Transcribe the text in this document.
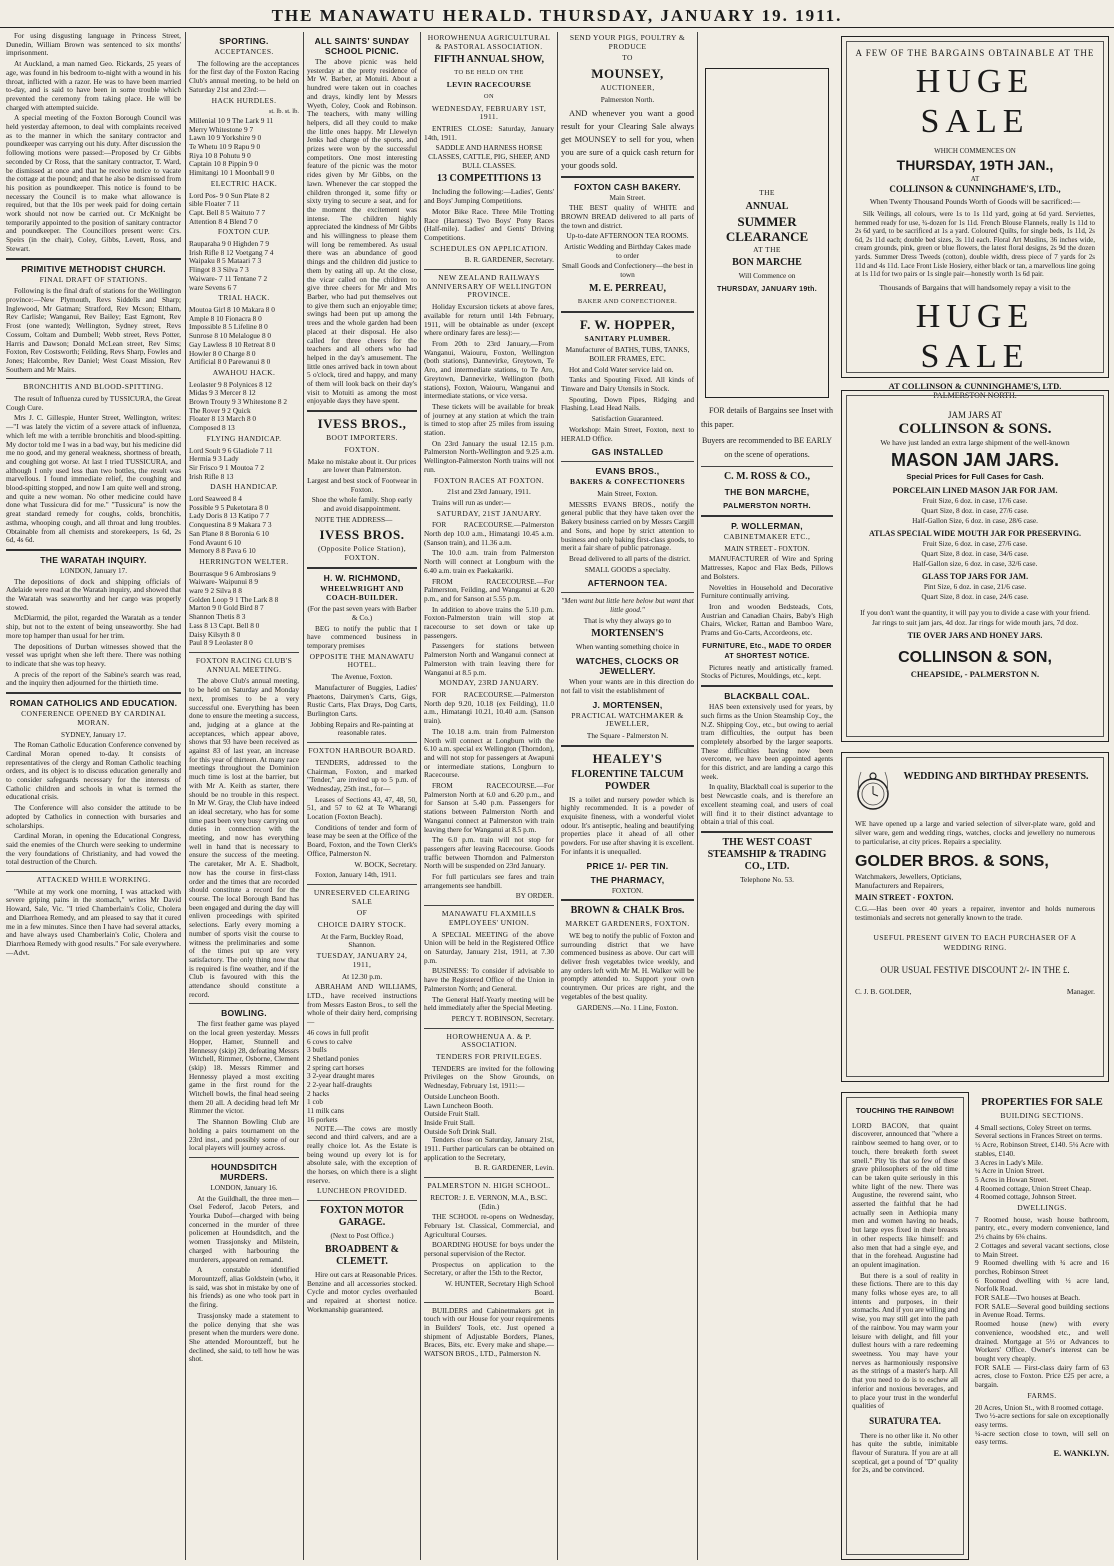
THE MANAWATU HERALD. THURSDAY, JANUARY 19. 1911.

For using disgusting language in Princess Street, Dunedin, William Brown was sentenced to six months' imprisonment.

At Auckland, a man named Geo. Rickards, 25 years of age, was found in his bedroom to-night with a wound in his throat, inflicted with a razor. He was to have been married to-day, and is said to have been in some trouble which prevented the ceremony from taking place. He will be charged with attempted suicide.

A special meeting of the Foxton Borough Council was held yesterday afternoon, to deal with complaints received as to the manner in which the sanitary contractor and poundkeeper was carrying out his duty. After discussion the following motions were passed:—Proposed by Cr Gibbs seconded by Cr Ross, that the sanitary contractor, T. Ward, be dismissed at once and that he receive notice to vacate the cottage at the pound; and that he also be dismissed from his position as poundkeeper. This notice is found to be necessary the Council is to make what allowance is required, but that the 10s per week paid for doing certain work should not now be carried out. Cr McKnight be temporarily appointed to the position of sanitary contractor and poundkeeper. The Councillors present were: Crs. Speirs (in the chair), Coley, Gibbs, Levett, Ross, and Stewart.

PRIMITIVE METHODIST CHURCH.
FINAL DRAFT OF STATIONS.

Following is the final draft of stations for the Wellington province:—New Plymouth, Revs Siddells and Sharp; Inglewood, Mr Gatman; Stratford, Rev Mcson; Eltham, Rev Carlisle; Wanganui, Rev Bailey; East Egmont, Rev Frost (one wanted); Wellington, Sydney street, Revs Cossum, Coltam and Dumbell; Webb street, Revs Potter, Harris and Dawson; Donald McLean street, Rev Sims; Foxton, Rev Costsworth; Feilding, Revs Sharp, Fowles and Jones; Halcombe, Rev Daniel; West Coast Mission, Rev Southern and Mr Mairs.

BRONCHITIS AND BLOOD-SPITTING.

The result of Influenza cured by TUSSICURA, the Great Cough Cure.

Mrs J. C. Gillespie, Hunter Street, Wellington, writes:—"I was lately the victim of a severe attack of influenza, which left me with a terrible bronchitis and blood-spitting. My doctor told me I was in a bad way, but his medicine did me no good, and my general weakness, shortness of breath, and coughing got worse. At last I tried TUSSICURA, and although I only used less than two bottles, the result was marvellous. I found immediate relief, the coughing and blood-spitting stopped, and now I am quite well and strong, and quite a new woman. No other medicine could have done what Tussicura did for me." "Tussicura" is now the great standard remedy for coughs, colds, bronchitis, asthma, whooping cough, and all throat and lung troubles. Obtainable from all chemists and storekeepers, 1s 6d, 2s 6d, 4s 6d.

THE WARATAH INQUIRY.
LONDON, January 17.

The depositions of dock and shipping officials of Adelaide were read at the Waratah inquiry, and showed that the Waratah was seaworthy and her cargo was properly stowed.

McDiarmid, the pilot, regarded the Waratah as a tender ship, but not to the extent of being unseaworthy. She had more top hamper than usual for her trim.

The depositions of Durban witnesses showed that the vessel was upright when she left there. There was nothing to indicate that she was top heavy.

A precis of the report of the Sabine's search was read, and the inquiry then adjourned for the thirtieth time.

ROMAN CATHOLICS AND EDUCATION.
CONFERENCE OPENED BY CARDINAL MORAN.
SYDNEY, January 17.

The Roman Catholic Education Conference convened by Cardinal Moran opened to-day. It consists of representatives of the clergy and Roman Catholic teaching orders, and its object is to discuss education generally and to consider safeguards necessary for the interests of Catholic children and schools in what is termed the educational crisis.

The Conference will also consider the attitude to be adopted by Catholics in connection with bursaries and scholarships.

Cardinal Moran, in opening the Educational Congress, said the enemies of the Church were seeking to undermine the very foundations of Christianity, and had vowed the total destruction of the Church.

ATTACKED WHILE WORKING.

"While at my work one morning, I was attacked with severe griping pains in the stomach," writes Mr David Howard, Sale, Vic. "I tried Chamberlain's Colic, Cholera and Diarrhoea Remedy, and am pleased to say that it cured me in a few minutes. Since then I have had several attacks, and have always used Chamberlain's Colic, Cholera and Diarrhoea Remedy with good results." For sale everywhere.—Advt.

SPORTING.
ACCEPTANCES.

The following are the acceptances for the first day of the Foxton Racing Club's annual meeting, to be held on Saturday 21st and 23rd:—

HACK HURDLES.
st. lb. st. lb.
Millenial 10 9 The Lark 9 11
Merry Whitestone 9 7
Lawn 10 9 Yorkshire 9 0
Te Whetu 10 9 Rapu 9 0
Riya 10 8 Pohutu 9 0
Captain 10 8 Pippin 9 0
Himitangi 10 1 Moonball 9 0
ELECTRIC HACK.
Lord Pos- 9 0 Sun Plate 8 2
sible Floater 7 11
Capt. Bell 8 5 Waituto 7 7
Attention 8 4 Blend 7 0
FOXTON CUP.
Rauparaha 9 0 Highden 7 9
Irish Rifle 8 12 Voetgang 7 4
Waipaku 8 5 Mataari 7 3
Flingot 8 3 Silva 7 3
Waiware- 7 11 Tentane 7 2
ware Sevens 6 7
TRIAL HACK.
Moutoa Girl 8 10 Makara 8 0
Ample 8 10 Fionacra 8 0
Impossible 8 5 Lifeline 8 0
Sunrose 8 10 Melalogue 8 0
Gay Lawless 8 10 Retreat 8 0
Howler 8 0 Charge 8 0
Artificial 8 0 Parewanui 8 0
AWAHOU HACK.
Leolaster 9 8 Polynices 8 12
Midas 9 3 Mercer 8 12
Brown Trouty 9 3 Whitestone 8 2
The Rover 9 2 Quick
Floater 8 13 March 8 0
Composed 8 13
FLYING HANDICAP.
Lord Soult 9 6 Gladiole 7 11
Hermia 9 3 Lady
Sir Frisco 9 1 Moutoa 7 2
Irish Rifle 8 13
DASH HANDICAP.
Lord Seaweed 8 4
Possible 9 5 Puketotara 8 0
Lady Doris 8 13 Katipo 7 7
Conquestina 8 9 Makara 7 3
San Plane 8 8 Boronia 6 10
Fond Avaunt 6 10
Memory 8 8 Pava 6 10
HERRINGTON WELTER.
Bourrasque 9 6 Ambrosians 9
Waiware- Waipunui 8 9
ware 9 2 Silva 8 8
Golden Loop 9 1 The Lark 8 8
Marton 9 0 Gold Bird 8 7
Shannon Thetis 8 3
Lass 8 13 Capt. Bell 8 0
Daisy Kilsyth 8 0
Paul 8 9 Leolaster 8 0
FOXTON RACING CLUB'S ANNUAL MEETING.

The above Club's annual meeting, to be held on Saturday and Monday next, promises to be a very successful one. Everything has been done to ensure the meeting a success, and, judging at a glance at the acceptances, which appear above, shows that 93 have been received as against 83 of last year, an increase for this year of thirteen. At many race meetings throughout the Dominion much time is lost at the barrier, but with Mr A. Keith as starter, there should be no trouble in this respect. In Mr W. Gray, the Club have indeed an ideal secretary, who has for some time past been very busy carrying out duties in connection with the meeting, and now has everything well in hand that is necessary to ensure the success of the meeting. The caretaker, Mr A. E. Shadbolt, now has the course in first-class order and the times that are recorded should constitute a record for the course. The local Borough Band has been engaged and during the day will enliven proceedings with spirited selections. Early every morning a number of sports visit the course to witness the preliminaries and some of the times put up are very satisfactory. The only thing now that is required is fine weather, and if the Club is favoured with this the attendance should constitute a record.

BOWLING.

The first feather game was played on the local green yesterday. Messrs Hopper, Hamer, Stunnell and Hennessy (skip) 28, defeating Messrs Witchell, Rimmer, Osborne, Clement (skip) 18. Messrs Rimmer and Hennessy played a most exciting game in the first round for the Witchell bowls, the final head seeing them 20 all. A deciding head left Mr Rimmer the victor.

The Shannon Bowling Club are holding a pairs tournament on the 23rd inst., and possibly some of our local players will journey across.

HOUNDSDITCH MURDERS.
LONDON, January 16.

At the Guildhall, the three men—Osel Federof, Jacob Peters, and Yourka Dubof—charged with being concerned in the murder of three policemen at Houndsditch, and the women Trassjonsky and Milstein, charged with harbouring the murderers, appeared on remand.

A constable identified Morountzeff, alias Goldstein (who, it is said, was shot in mistake by one of his friends) as one who took part in the firing.

Trassjonsky made a statement to the police denying that she was present when the murders were done. She attended Morountzeff, but he declined, she said, to tell how he was shot.

ALL SAINTS' SUNDAY SCHOOL PICNIC.

The above picnic was held yesterday at the pretty residence of Mr W. Barber, at Motuiti. About a hundred were taken out in coaches and drays, kindly lent by Messrs Wyeth, Coley, Cook and Robinson. The teachers, with many willing helpers, did all they could to make the little ones happy. Mr Llewelyn Jenks had charge of the sports, and prizes were won by the successful competitors. One most interesting feature of the picnic was the motor rides given by Mr Gibbs, on the lawn. Whenever the car stopped the children thronged it, some fifty or sixty trying to secure a seat, and for the moment the excitement was intense. The children highly appreciated the kindness of Mr Gibbs and his willingness to please them will long be remembered. As usual there was an abundance of good things and the children did justice to them by eating all up. At the close, the vicar called on the children to give three cheers for Mr and Mrs Barber, who had put themselves out to give them such an enjoyable time; swings had been put up among the trees and the whole garden had been placed at their disposal. He also called for three cheers for the teachers and all others who had helped in the day's amusement. The little ones arrived back in town about 5 o'clock, tired and happy, and many of them will look back on their day's visit to Motuiti as among the most enjoyable days they have spent.

IVESS BROS.,
BOOT IMPORTERS.
FOXTON.

Make no mistake about it. Our prices are lower than Palmerston.

Largest and best stock of Footwear in Foxton.

Shoe the whole family. Shop early and avoid disappointment.

NOTE THE ADDRESS—

IVESS BROS.
(Opposite Police Station), FOXTON.
H. W. RICHMOND,
WHEELWRIGHT AND COACH-BUILDER.

(For the past seven years with Barber & Co.)

BEG to notify the public that I have commenced business in temporary premises

OPPOSITE THE MANAWATU HOTEL.

The Avenue, Foxton.

Manufacturer of Buggies, Ladies' Phaetons, Dairymen's Carts, Gigs, Rustic Carts, Flax Drays, Dog Carts, Burlington Carts.

Jobbing Repairs and Re-painting at reasonable rates.

FOXTON HARBOUR BOARD.

TENDERS, addressed to the Chairman, Foxton, and marked "Tender," are invited up to 5 p.m. of Wednesday, 25th inst., for—

Leases of Sections 43, 47, 48, 50, 51, and 57 to 62 at Te Wharangi Location (Foxton Beach).

Conditions of tender and form of lease may be seen at the Office of the Board, Foxton, and the Town Clerk's Office, Palmerston N.

W. BOCK, Secretary.

Foxton, January 14th, 1911.

UNRESERVED CLEARING SALE
OF
CHOICE DAIRY STOCK.

At the Farm, Buckley Road, Shannon.

TUESDAY, JANUARY 24, 1911,

At 12.30 p.m.

ABRAHAM AND WILLIAMS, LTD., have received instructions from Messrs Easton Bros., to sell the whole of their dairy herd, comprising—

46 cows in full profit
6 cows to calve
3 bulls
2 Shetland ponies
2 spring cart horses
3 2-year draught mares
2 2-year half-draughts
2 hacks
1 cob
11 milk cans
16 porkets

NOTE.—The cows are mostly second and third calvers, and are a really choice lot. As the Estate is being wound up every lot is for absolute sale, with the exception of the horses, on which there is a slight reserve.

LUNCHEON PROVIDED.
FOXTON MOTOR GARAGE.

(Next to Post Office.)

BROADBENT & CLEMETT.

Hire out cars at Reasonable Prices. Benzine and all accessories stocked. Cycle and motor cycles overhauled and repaired at shortest notice. Workmanship guaranteed.

HOROWHENUA AGRICULTURAL & PASTORAL ASSOCIATION.
FIFTH ANNUAL SHOW,
TO BE HELD ON THE
LEVIN RACECOURSE
ON
WEDNESDAY, FEBRUARY 1ST, 1911.

ENTRIES CLOSE: Saturday, January 14th, 1911.

SADDLE AND HARNESS HORSE CLASSES, CATTLE, PIG, SHEEP, AND BULL CLASSES.

13 COMPETITIONS 13

Including the following:—Ladies', Gents' and Boys' Jumping Competitions.

Motor Bike Race. Three Mile Trotting Race (Harness) Two Boys' Pony Races (Half-mile). Ladies' and Gents' Driving Competitions.

SCHEDULES ON APPLICATION.

B. R. GARDENER, Secretary.

NEW ZEALAND RAILWAYS ANNIVERSARY OF WELLINGTON PROVINCE.

Holiday Excursion tickets at above fares, available for return until 14th February, 1911, will be obtainable as under (except where ordinary fares are less):—

From 20th to 23rd January,—From Wanganui, Waiouru, Foxton, Wellington (both stations), Dannevirke, Greytown, Te Aro, and intermediate stations, to Te Aro, Greytown, Dannevirke, Wellington (both stations), Foxton, Waiouru, Wanganui and intermediate stations, or vice versa.

These tickets will be available for break of journey at any station at which the train is timed to stop after 25 miles from issuing station.

On 23rd January the usual 12.15 p.m. Palmerston North-Wellington and 9.25 a.m. Wellington-Palmerston North trains will not run.

FOXTON RACES AT FOXTON.

21st and 23rd January, 1911.

Trains will run as under:—

SATURDAY, 21ST JANUARY.

FOR RACECOURSE.—Palmerston North dep 10.0 a.m., Himatangi 10.45 a.m. (Sanson train), and 11.36 a.m.

The 10.0 a.m. train from Palmerston North will connect at Longburn with the 6.40 a.m. train ex Paekakariki.

FROM RACECOURSE.—For Palmerston, Feilding, and Wanganui at 6.20 p.m., and for Sanson at 5.55 p.m.

In addition to above trains the 5.10 p.m. Foxton-Palmerston train will stop at racecourse to set down or take up passengers.

Passengers for stations between Palmerston North and Wanganui connect at Palmerston with train leaving there for Wanganui at 8.5 p.m.

MONDAY, 23RD JANUARY.

FOR RACECOURSE.—Palmerston North dep 9.20, 10.18 (ex Feilding), 11.0 a.m., Himatangi 10.21, 10.40 a.m. (Sanson train).

The 10.18 a.m. train from Palmerston North will connect at Longburn with the 6.10 a.m. special ex Wellington (Thorndon), and will not stop for passengers at Awapuni or intermediate stations, Longburn to Racecourse.

FROM RACECOURSE.—For Palmerston North at 6.0 and 6.20 p.m., and for Sanson at 5.40 p.m. Passengers for stations between Palmerston North and Wanganui connect at Palmerston with train leaving there for Wanganui at 8.5 p.m.

The 6.0 p.m. train will not stop for passengers after leaving Racecourse. Goods traffic between Thorndon and Palmerston North will be suspended on 23rd January.

For full particulars see fares and train arrangements see handbill.

BY ORDER.

MANAWATU FLAXMILLS EMPLOYEES' UNION.

A SPECIAL MEETING of the above Union will be held in the Registered Office on Saturday, January 21st, 1911, at 7.30 p.m.

BUSINESS: To consider if advisable to have the Registered Office of the Union in Palmerston North; and General.

The General Half-Yearly meeting will be held immediately after the Special Meeting.

PERCY T. ROBINSON, Secretary.

HOROWHENUA A. & P. ASSOCIATION.
TENDERS FOR PRIVILEGES.

TENDERS are invited for the following Privileges on the Show Grounds, on Wednesday, February 1st, 1911:—

Outside Luncheon Booth.
Lawn Luncheon Booth.
Outside Fruit Stall.
Inside Fruit Stall.
Outside Soft Drink Stall.

Tenders close on Saturday, January 21st, 1911. Further particulars can be obtained on application to the Secretary,

B. R. GARDENER, Levin.

PALMERSTON N. HIGH SCHOOL.

RECTOR: J. E. VERNON, M.A., B.SC. (Edin.)

THE SCHOOL re-opens on Wednesday, February 1st. Classical, Commercial, and Agricultural Courses.

BOARDING HOUSE for boys under the personal supervision of the Rector.

Prospectus on application to the Secretary, or after the 15th to the Rector,

W. HUNTER, Secretary High School Board.

BUILDERS and Cabinetmakers get in touch with our House for your requirements in Builders' Tools, etc. Just opened a shipment of Adjustable Borders, Planes, Braces, Bits, etc. Every make and shape.—WATSON BROS., LTD., Palmerston N.

SEND YOUR PIGS, POULTRY & PRODUCE
TO
MOUNSEY,
AUCTIONEER,

Palmerston North.

AND whenever you want a good result for your Clearing Sale always get MOUNSEY to sell for you, when you are sure of a quick cash return for your goods sold.

FOXTON CASH BAKERY.

Main Street.

THE BEST quality of WHITE and BROWN BREAD delivered to all parts of the town and district.

Up-to-date AFTERNOON TEA ROOMS.

Artistic Wedding and Birthday Cakes made to order

Small Goods and Confectionery—the best in town

M. E. PERREAU,
BAKER AND CONFECTIONER.
F. W. HOPPER,
SANITARY PLUMBER.

Manufacturer of BATHS, TUBS, TANKS, BOILER FRAMES, ETC.

Hot and Cold Water service laid on.

Tanks and Spouting Fixed. All kinds of Tinware and Dairy Utensils in Stock.

Spouting, Down Pipes, Ridging and Flashing, Lead Head Nails.

Satisfaction Guaranteed.

Workshop: Main Street, Foxton, next to HERALD Office.

GAS INSTALLED
EVANS BROS.,
BAKERS & CONFECTIONERS

Main Street, Foxton.

MESSRS EVANS BROS., notify the general public that they have taken over the Bakery business carried on by Messrs Cargill and Sons, and hope by strict attention to business and only baking first-class goods, to merit a fair share of public patronage.

Bread delivered to all parts of the district.

SMALL GOODS a specialty.

AFTERNOON TEA.

"Men want but little here below but want that little good."

That is why they always go to

MORTENSEN'S

When wanting something choice in

WATCHES, CLOCKS OR JEWELLERY.

When your wants are in this direction do not fail to visit the establishment of

J. MORTENSEN,
PRACTICAL WATCHMAKER & JEWELLER,

The Square - Palmerston N.

HEALEY'S
FLORENTINE TALCUM POWDER

IS a toilet and nursery powder which is highly recommended. It is a powder of exquisite fineness, with a wonderful violet odour. It's antiseptic, healing and beautifying properties place it ahead of all other powders. For use after shaving it is excellent. For infants it is unequalled.

PRICE 1/- PER TIN.
THE PHARMACY,

FOXTON.

BROWN & CHALK Bros.
MARKET GARDENERS, FOXTON.

WE beg to notify the public of Foxton and surrounding district that we have commenced business as above. Our cart will deliver fresh vegetables twice weekly, and any orders left with Mr M. H. Walker will be promptly attended to. Support your own countrymen. Our prices are right, and the vegetables of the best quality.

GARDENS.—No. 1 Line, Foxton.

THE
ANNUAL
SUMMER
CLEARANCE
AT THE
BON MARCHE

Will Commence on

THURSDAY, JANUARY 19th.

FOR details of Bargains see Inset with this paper.

Buyers are recommended to BE EARLY on the scene of operations.

C. M. ROSS & CO.,
THE BON MARCHE,
PALMERSTON NORTH.
P. WOLLERMAN,
CABINETMAKER ETC.,

MAIN STREET - FOXTON.

MANUFACTURER of Wire and Spring Mattresses, Kapoc and Flax Beds, Pillows and Bolsters.

Novelties in Household and Decorative Furniture continually arriving.

Iron and wooden Bedsteads, Cots, Austrian and Canadian Chairs, Baby's High Chairs, Wicker, Rattan and Bamboo Ware, Prams and Go-Carts, Accordeons, etc.

FURNITURE, Etc., MADE TO ORDER AT SHORTEST NOTICE.

Pictures neatly and artistically framed. Stocks of Pictures, Mouldings, etc., kept.

BLACKBALL COAL.

HAS been extensively used for years, by such firms as the Union Steamship Coy., the N.Z. Shipping Coy., etc., but owing to aerial tram difficulties, the output has been completely absorbed by the larger seaports. These difficulties having now been overcome, we have been appointed agents for this district, and are landing a cargo this week.

In quality, Blackball coal is superior to the best Newcastle coals, and is therefore an excellent steaming coal, and users of coal will find it to their distinct advantage to obtain a trial of this coal.

THE WEST COAST STEAMSHIP & TRADING CO., LTD.

Telephone No. 53.

A FEW OF THE BARGAINS OBTAINABLE AT THE
HUGE SALE
WHICH COMMENCES ON
THURSDAY, 19TH JAN.,
AT
COLLINSON & CUNNINGHAME'S, LTD.,
When Twenty Thousand Pounds Worth of Goods will be sacrificed:—
Silk Veilings, all colours, were 1s to 1s 11d yard, going at 6d yard. Serviettes, hemmed ready for use, ¾-dozen for 1s 11d. French Blouse Flannels, really 1s 11d to 2s 6d yard, to be sacrificed at 1s a yard. Coloured Quilts, for single beds, 1s 11d, 2s 6d, 2s 11d each; double bed sizes, 3s 11d each. Floral Art Muslins, 36 inches wide, cream grounds, pink, green or blue flowers, the latest floral designs, 2s 9d the dozen yards. Summer Dress Tweeds (cotton), double width, dress piece of 7 yards for 2s 11d and 4s 11d. Lace Front Lisle Hosiery, either black or tan, a marvellous line going at 1s 11d for two pairs or 1s single pair—honestly worth 1s 6d pair.
Thousands of Bargains that will handsomely repay a visit to the
HUGE SALE
AT COLLINSON & CUNNINGHAME'S, LTD.
PALMERSTON NORTH.
JAM JARS AT
COLLINSON & SONS.
We have just landed an extra large shipment of the well-known
MASON JAM JARS.
Special Prices for Full Cases for Cash.
PORCELAIN LINED MASON JAR FOR JAM.
Fruit Size, 6 doz. in case, 17/6 case.
Quart Size, 8 doz. in case, 27/6 case.
Half-Gallon Size, 6 doz. in case, 28/6 case.
ATLAS SPECIAL WIDE MOUTH JAR FOR PRESERVING.
Fruit Size, 6 doz. in case, 27/6 case.
Quart Size, 8 doz. in case, 34/6 case.
Half-Gallon size, 6 doz. in case, 32/6 case.
GLASS TOP JARS FOR JAM.
Pint Size, 6 doz. in case, 21/6 case.
Quart Size, 8 doz. in case, 24/6 case.
If you don't want the quantity, it will pay you to divide a case with your friend.
Jar rings to suit jam jars, 4d doz. Jar rings for wide mouth jars, 7d doz.
TIE OVER JARS AND HONEY JARS.
COLLINSON & SON,
CHEAPSIDE, - PALMERSTON N.
WEDDING AND BIRTHDAY PRESENTS.
WE have opened up a large and varied selection of silver-plate ware, gold and silver ware, gem and wedding rings, watches, clocks and jewellery no numerous to particularise, at city prices. Repairs a speciality.
GOLDER BROS. & SONS,
Watchmakers, Jewellers, Opticians, Manufacturers and Repairers,
MAIN STREET - FOXTON.
C.G.—Has been over 40 years a repairer, inventor and holds numerous testimonials and secrets not generally known to the trade.
USEFUL PRESENT GIVEN TO EACH PURCHASER OF A WEDDING RING.
OUR USUAL FESTIVE DISCOUNT 2/- IN THE £.
C. J. B. GOLDER,	Manager.
TOUCHING THE RAINBOW!
LORD BACON, that quaint discoverer, announced that "where a rainbow seemed to hang over, or to touch, there breaketh forth sweet smell." Pity 'tis that so few of these grave philosophers of the old time can be taken quite seriously in this white light of the new. There was Augustine, the reverend saint, who asserted the faithful that he had actually seen in Aethiopia many men and women having no heads, but large eyes fixed in their breasts in other respects like himself: and also men that had a single eye, and that in the forehead. Augustine had an opulent imagination.
But there is a soul of reality in these fictions. There are to this day many folks whose eyes are, to all intents and purposes, in their stomachs. And if you are willing and wise, you may still get into the path of the rainbow. You may warm your leisure with delight, and fill your dullest hours with a rare redeeming sweetness. You may have your nerves as harmoniously responsive as the strings of a master's harp. All that you need to do is to eschew all inferior and noxious beverages, and to place your trust in the wonderful qualities of
SURATURA TEA.
There is no other like it. No other has quite the subtle, inimitable flavour of Suratura. If you are at all sceptical, get a pound of "D" quality for 2s, and be convinced.
PROPERTIES FOR SALE
BUILDING SECTIONS.
4 Small sections, Coley Street on terms.
Several sections in Frances Street on terms.
½ Acre, Robinson Street, £140. 5¼ Acre with stables, £140.
3 Acres in Lady's Mile.
¼ Acre in Union Street.
5 Acres in Howan Street.
4 Roomed cottage, Union Street Cheap.
4 Roomed cottage, Johnson Street.
DWELLINGS.
7 Roomed house, wash house bathroom, pantry, etc., every modern convenience, land 2½ chains by 6⅛ chains.
2 Cottages and several vacant sections, close to Main Street.
9 Roomed dwelling with ¾ acre and 16 porches, Robinson Street
6 Roomed dwelling with ½ acre land, Norfolk Road.
FOR SALE—Two houses at Beach.
FOR SALE—Several good building sections in Avenue Road. Terms.
Roomed house (new) with every convenience, woodshed etc., and well drained. Mortgage at 5½ or Advances to Workers' Office. Owner's interest can be bought very cheaply.
FOR SALE — First-class dairy farm of 63 acres, close to Foxton. Price £25 per acre, a bargain.
FARMS.
20 Acres, Union St., with 8 roomed cottage.
Two ½-acre sections for sale on exceptionally easy terms.
¼-acre section close to town, will sell on easy terms.
E. WANKLYN.
